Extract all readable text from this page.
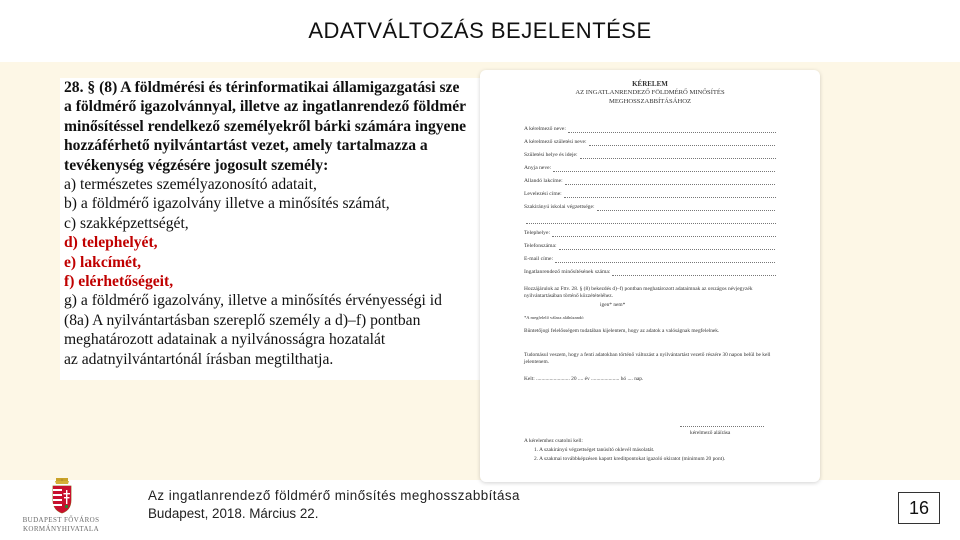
ADATVÁLTOZÁS BEJELENTÉSE

28. § (8) A földmérési és térinformatikai államigazgatási sze

a földmérő igazolvánnyal, illetve az ingatlanrendező földmér

minősítéssel rendelkező személyekről bárki számára ingyene

hozzáférhető nyilvántartást vezet, amely tartalmazza a

tevékenység végzésére jogosult személy:

a) természetes személyazonosító adatait,

b) a földmérő igazolvány illetve a minősítés számát,

c) szakképzettségét,

d) telephelyét,

e) lakcímét,

f) elérhetőségeit,

g) a földmérő igazolvány, illetve a minősítés érvényességi id

(8a) A nyilvántartásban szereplő személy a d)–f) pontban

meghatározott adatainak a nyilvánosságra hozatalát

az adatnyilvántartónál írásban megtilthatja.

KÉRELEM
AZ INGATLANRENDEZŐ FÖLDMÉRŐ MINŐSÍTÉS
MEGHOSSZABBÍTÁSÁHOZ
A kérelmező neve:
A kérelmező születési neve:
Születési helye és ideje:
Anyja neve:
Állandó lakcíme:
Levelezési címe:
Szakirányú iskolai végzettsége:
Telephelye:
Telefonszáma:
E-mail címe:
Ingatlanrendező minősítésének száma:
Hozzájárulok az Fttv. 28. § (8) bekezdés d)–f) pontban meghatározott adataimnak az országos névjegyzék nyilvántartásában történő közzétételéhez.
igen* nem*
*A megfelelő válasz aláhúzandó
Büntetőjogi felelősségem tudatában kijelentem, hogy az adatok a valóságnak megfelelnek.
Tudomásul veszem, hogy a fenti adatokban történő változást a nyilvántartást vezető részére 30 napon belül be kell jelentenem.
Kelt: ......................... 20 .... év ..................... hó .... nap.
kérelmező aláírása
A kérelemhez csatolni kell:
1. A szakirányú végzettséget tanúsító oklevél másolatát.
2. A szakmai továbbképzésen kapott kreditpontokat igazoló okiratot (minimum 20 pont).
BUDAPEST FŐVÁROS
KORMÁNYHIVATALA
Az ingatlanrendező földmérő minősítés meghosszabbítása
Budapest, 2018. Március 22.	16
